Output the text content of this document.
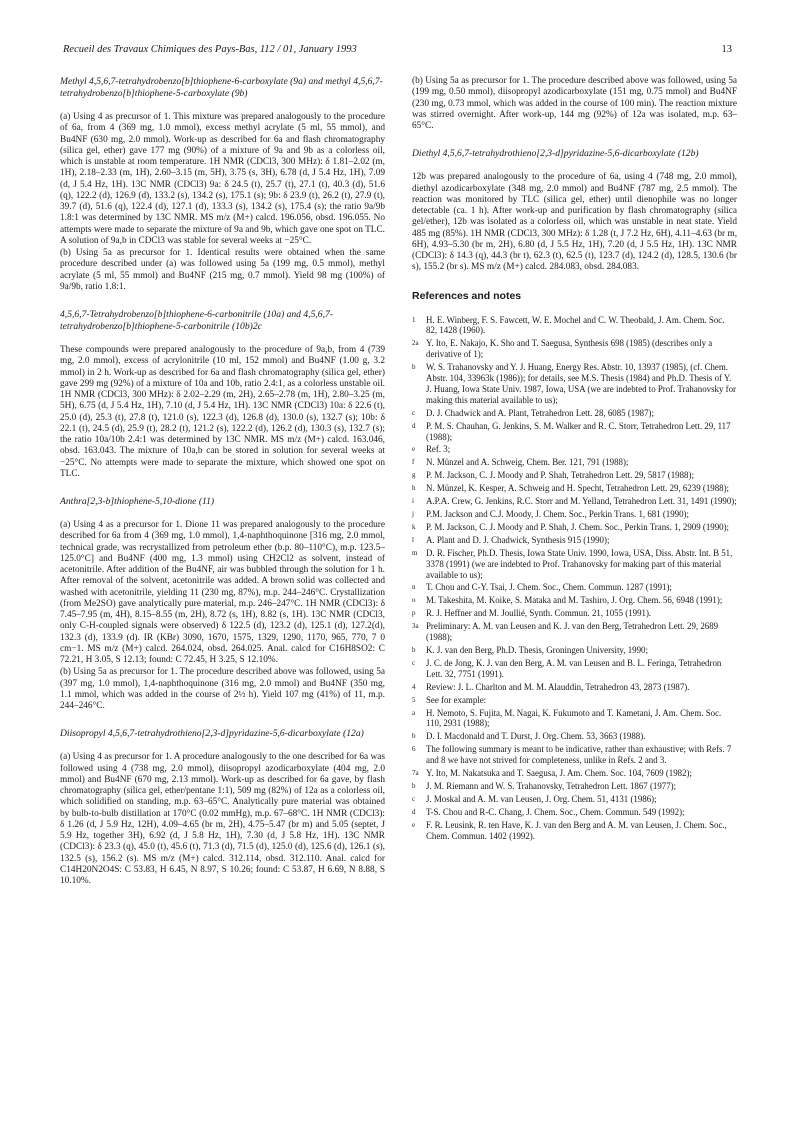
Recueil des Travaux Chimiques des Pays-Bas, 112 / 01, January 1993	13
Methyl 4,5,6,7-tetrahydrobenzo[b]thiophene-6-carboxylate (9a) and methyl 4,5,6,7-tetrahydrobenzo[b]thiophene-5-carboxylate (9b)

(a) Using 4 as precursor of 1. This mixture was prepared analogously to the procedure of 6a, from 4 (369 mg, 1.0 mmol), excess methyl acrylate (5 ml, 55 mmol), and Bu4NF (630 mg, 2.0 mmol). Work-up as described for 6a and flash chromatography (silica gel, ether) gave 177 mg (90%) of a mixture of 9a and 9b as a colorless oil, which is unstable at room temperature. 1H NMR (CDCl3, 300 MHz): δ 1.81–2.02 (m, 1H), 2.18–2.33 (m, 1H), 2.60–3.15 (m, 5H), 3.75 (s, 3H), 6.78 (d, J 5.4 Hz, 1H), 7.09 (d, J 5.4 Hz, 1H). 13C NMR (CDCl3) 9a: δ 24.5 (t), 25.7 (t), 27.1 (t), 40.3 (d), 51.6 (q), 122.2 (d), 126.9 (d), 133.2 (s), 134.2 (s), 175.1 (s); 9b: δ 23.9 (t), 26.2 (t), 27.9 (t), 39.7 (d), 51.6 (q), 122.4 (d), 127.1 (d), 133.3 (s), 134.2 (s), 175.4 (s); the ratio 9a/9b 1.8:1 was determined by 13C NMR. MS m/z (M+) calcd. 196.056, obsd. 196.055. No attempts were made to separate the mixture of 9a and 9b, which gave one spot on TLC. A solution of 9a,b in CDCl3 was stable for several weeks at −25°C.

(b) Using 5a as precursor for 1. Identical results were obtained when the same procedure described under (a) was followed using 5a (199 mg, 0.5 mmol), methyl acrylate (5 ml, 55 mmol) and Bu4NF (215 mg, 0.7 mmol). Yield 98 mg (100%) of 9a/9b, ratio 1.8:1.

4,5,6,7-Tetrahydrobenzo[b]thiophene-6-carbonitrile (10a) and 4,5,6,7-tetrahydrobenzo[b]thiophene-5-carbonitrile (10b)2c

These compounds were prepared analogously to the procedure of 9a,b, from 4 (739 mg, 2.0 mmol), excess of acrylonitrile (10 ml, 152 mmol) and Bu4NF (1.00 g, 3.2 mmol) in 2 h. Work-up as described for 6a and flash chromatography (silica gel, ether) gave 299 mg (92%) of a mixture of 10a and 10b, ratio 2.4:1, as a colorless unstable oil. 1H NMR (CDCl3, 300 MHz): δ 2.02–2.29 (m, 2H), 2.65–2.78 (m, 1H), 2.80–3.25 (m, 5H), 6.75 (d, J 5.4 Hz, 1H), 7.10 (d, J 5.4 Hz, 1H). 13C NMR (CDCl3) 10a: δ 22.6 (t), 25.0 (d), 25.3 (t), 27.8 (t), 121.0 (s), 122.3 (d), 126.8 (d), 130.0 (s), 132.7 (s); 10b: δ 22.1 (t), 24.5 (d), 25.9 (t), 28.2 (t), 121.2 (s), 122.2 (d), 126.2 (d), 130.3 (s), 132.7 (s); the ratio 10a/10b 2.4:1 was determined by 13C NMR. MS m/z (M+) calcd. 163.046, obsd. 163.043. The mixture of 10a,b can be stored in solution for several weeks at −25°C. No attempts were made to separate the mixture, which showed one spot on TLC.

Anthra[2,3-b]thiophene-5,10-dione (11)

(a) Using 4 as a precursor for 1. Dione 11 was prepared analogously to the procedure described for 6a from 4 (369 mg, 1.0 mmol), 1,4-naphthoquinone [316 mg, 2.0 mmol, technical grade, was recrystallized from petroleum ether (b.p. 80–110°C), m.p. 123.5–125.0°C] and Bu4NF (400 mg, 1.3 mmol) using CH2Cl2 as solvent, instead of acetonitrile. After addition of the Bu4NF, air was bubbled through the solution for 1 h. After removal of the solvent, acetonitrile was added. A brown solid was collected and washed with acetonitrile, yielding 11 (230 mg, 87%), m.p. 244–246°C. Crystallization (from Me2SO) gave analytically pure material, m.p. 246–247°C. 1H NMR (CDCl3): δ 7.45–7.95 (m, 4H), 8.15–8.55 (m, 2H), 8.72 (s, 1H), 8.82 (s, 1H). 13C NMR (CDCl3, only C-H-coupled signals were observed) δ 122.5 (d), 123.2 (d), 125.1 (d), 127.2(d), 132.3 (d), 133.9 (d). IR (KBr) 3090, 1670, 1575, 1329, 1290, 1170, 965, 770, 7 0 cm−1. MS m/z (M+) calcd. 264.024, obsd. 264.025. Anal. calcd for C16H8SO2: C 72.21, H 3.05, S 12.13; found: C 72.45, H 3.25, S 12.10%.

(b) Using 5a as precursor for 1. The procedure described above was followed, using 5a (397 mg, 1.0 mmol), 1,4-naphthoquinone (316 mg, 2.0 mmol) and Bu4NF (350 mg, 1.1 mmol, which was added in the course of 2½ h). Yield 107 mg (41%) of 11, m.p. 244–246°C.

Diisopropyl 4,5,6,7-tetrahydrothieno[2,3-d]pyridazine-5,6-dicarboxylate (12a)

(a) Using 4 as precursor for 1. A procedure analogously to the one described for 6a was followed using 4 (738 mg, 2.0 mmol), diisopropyl azodicarboxylate (404 mg, 2.0 mmol) and Bu4NF (670 mg, 2.13 mmol). Work-up as described for 6a gave, by flash chromatography (silica gel, ether/pentane 1:1), 509 mg (82%) of 12a as a colorless oil, which solidified on standing, m.p. 63–65°C. Analytically pure material was obtained by bulb-to-bulb distillation at 170°C (0.02 mmHg), m.p. 67–68°C. 1H NMR (CDCl3): δ 1.26 (d, J 5.9 Hz, 12H), 4.09–4.65 (br m, 2H), 4.75–5.47 (br m) and 5.05 (septet, J 5.9 Hz, together 3H), 6.92 (d, J 5.8 Hz, 1H), 7.30 (d, J 5.8 Hz, 1H). 13C NMR (CDCl3): δ 23.3 (q), 45.0 (t), 45.6 (t), 71.3 (d), 71.5 (d), 125.0 (d), 125.6 (d), 126.1 (s), 132.5 (s), 156.2 (s). MS m/z (M+) calcd. 312.114, obsd. 312.110. Anal. calcd for C14H20N2O4S: C 53.83, H 6.45, N 8.97, S 10.26; found: C 53.87, H 6.69, N 8.88, S 10.10%.

(b) Using 5a as precursor for 1. The procedure described above was followed, using 5a (199 mg, 0.50 mmol), diisopropyl azodicarboxylate (151 mg, 0.75 mmol) and Bu4NF (230 mg, 0.73 mmol, which was added in the course of 100 min). The reaction mixture was stirred overnight. After work-up, 144 mg (92%) of 12a was isolated, m.p. 63–65°C.

Diethyl 4,5,6,7-tetrahydrothieno[2,3-d]pyridazine-5,6-dicarboxylate (12b)

12b was prepared analogously to the procedure of 6a, using 4 (748 mg, 2.0 mmol), diethyl azodicarboxylate (348 mg, 2.0 mmol) and Bu4NF (787 mg, 2.5 mmol). The reaction was monitored by TLC (silica gel, ether) until dienophile was no longer detectable (ca. 1 h). After work-up and purification by flash chromatography (silica gel/ether), 12b was isolated as a colorless oil, which was unstable in neat state. Yield 485 mg (85%). 1H NMR (CDCl3, 300 MHz): δ 1.28 (t, J 7.2 Hz, 6H), 4.11–4.63 (br m, 6H), 4.93–5.30 (br m, 2H), 6.80 (d, J 5.5 Hz, 1H), 7.20 (d, J 5.5 Hz, 1H). 13C NMR (CDCl3): δ 14.3 (q), 44.3 (br t), 62.3 (t), 62.5 (t), 123.7 (d), 124.2 (d), 128.5, 130.6 (br s), 155.2 (br s). MS m/z (M+) calcd. 284.083, obsd. 284.083.

References and notes
1	H. E. Winberg, F. S. Fawcett, W. E. Mochel and C. W. Theobald, J. Am. Chem. Soc. 82, 1428 (1960).
2a Y. Ito, E. Nakajo, K. Sho and T. Saegusa, Synthesis 698 (1985) (describes only a derivative of 1);
b	W. S. Trahanovsky and Y. J. Huang, Energy Res. Abstr. 10, 13937 (1985), (cf. Chem. Abstr. 104, 33963k (1986)); for details, see M.S. Thesis (1984) and Ph.D. Thesis of Y. J. Huang, Iowa State Univ. 1987, Iowa, USA (we are indebted to Prof. Trahanovsky for making this material available to us);
c	D. J. Chadwick and A. Plant, Tetrahedron Lett. 28, 6085 (1987);
d	P. M. S. Chauhan, G. Jenkins, S. M. Walker and R. C. Storr, Tetrahedron Lett. 29, 117 (1988);
e	Ref. 3;
f	N. Münzel and A. Schweig, Chem. Ber. 121, 791 (1988);
g	P. M. Jackson, C. J. Moody and P. Shah, Tetrahedron Lett. 29, 5817 (1988);
h	N. Münzel, K. Kesper, A. Schweig and H. Specht, Tetrahedron Lett. 29, 6239 (1988);
i	A.P.A. Crew, G. Jenkins, R.C. Storr and M. Yelland, Tetrahedron Lett. 31, 1491 (1990);
j	P.M. Jackson and C.J. Moody, J. Chem. Soc., Perkin Trans. 1, 681 (1990);
k	P. M. Jackson, C. J. Moody and P. Shah, J. Chem. Soc., Perkin Trans. 1, 2909 (1990);
l	A. Plant and D. J. Chadwick, Synthesis 915 (1990);
m D. R. Fischer, Ph.D. Thesis, Iowa State Univ. 1990, Iowa, USA, Diss. Abstr. Int. B 51, 3378 (1991) (we are indebted to Prof. Trahanovsky for making part of this material available to us);
n	T. Chou and C-Y. Tsai, J. Chem. Soc., Chem. Commun. 1287 (1991);
o	M. Takeshita, M. Koike, S. Mataka and M. Tashiro, J. Org. Chem. 56, 6948 (1991);
p	R. J. Heffner and M. Joullié, Synth. Commun. 21, 1055 (1991).
3a Preliminary: A. M. van Leusen and K. J. van den Berg, Tetrahedron Lett. 29, 2689 (1988);
b	K. J. van den Berg, Ph.D. Thesis, Groningen University, 1990;
c	J. C. de Jong, K. J. van den Berg, A. M. van Leusen and B. L. Feringa, Tetrahedron Lett. 32, 7751 (1991).
4	Review: J. L. Charlton and M. M. Alauddin, Tetrahedron 43, 2873 (1987).
5	See for example:
a	H. Nemoto, S. Fujita, M. Nagai, K. Fukumoto and T. Kametani, J. Am. Chem. Soc. 110, 2931 (1988);
b	D. I. Macdonald and T. Durst, J. Org. Chem. 53, 3663 (1988).
6	The following summary is meant to be indicative, rather than exhaustive; with Refs. 7 and 8 we have not strived for completeness, unlike in Refs. 2 and 3.
7a Y. Ito, M. Nakatsuka and T. Saegusa, J. Am. Chem. Soc. 104, 7609 (1982);
b	J. M. Riemann and W. S. Trahanovsky, Tetrahedron Lett. 1867 (1977);
c	J. Moskal and A. M. van Leusen, J. Org. Chem. 51, 4131 (1986);
d	T-S. Chou and R-C. Chang, J. Chem. Soc., Chem. Commun. 549 (1992);
e	F. R. Leusink, R. ten Have, K. J. van den Berg and A. M. van Leusen, J. Chem. Soc., Chem. Commun. 1402 (1992).
